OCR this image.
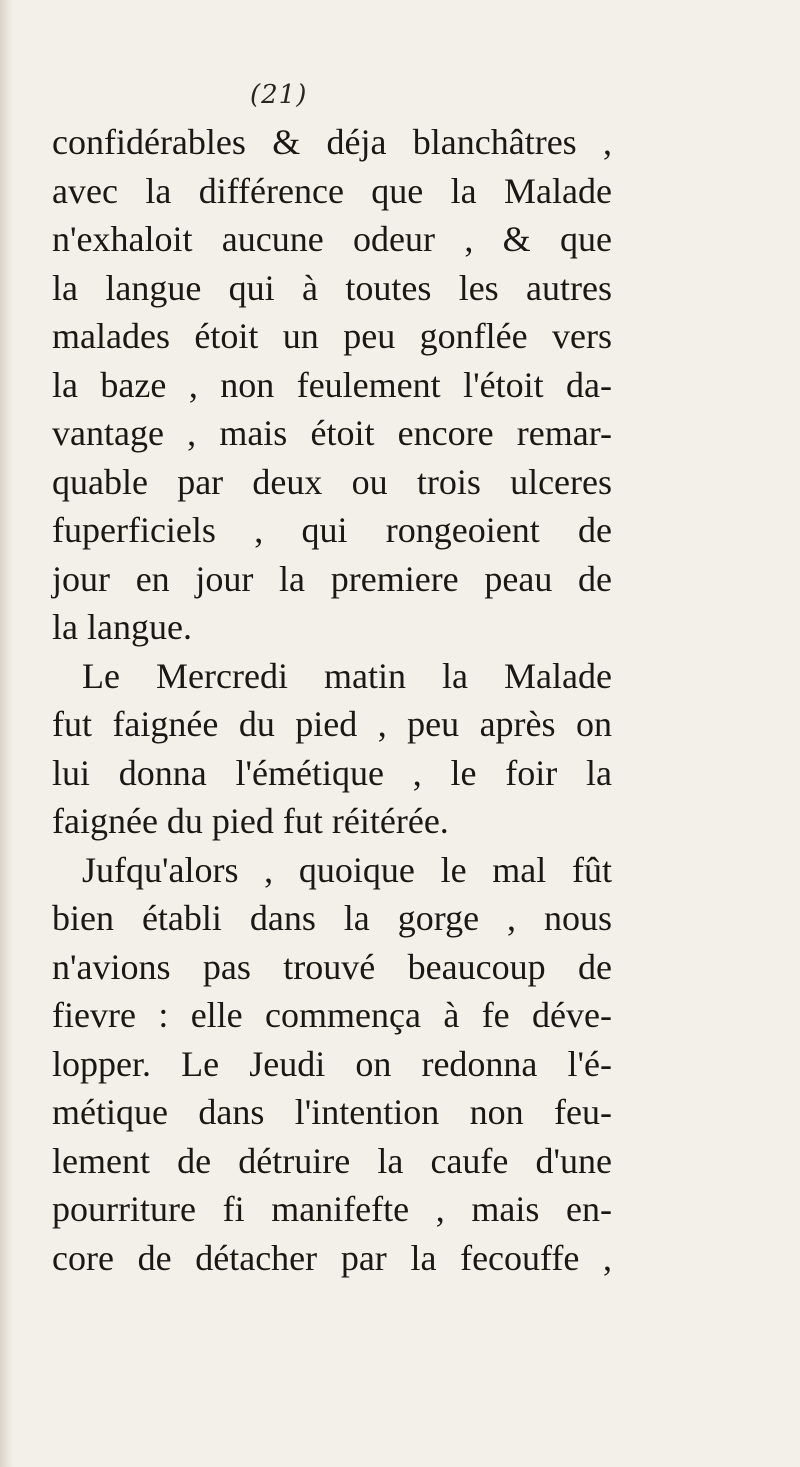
(21)
confidérables & déja blanchâtres ,
avec la différence que la Malade
n'exhaloit aucune odeur , & que
la langue qui à toutes les autres
malades étoit un peu gonflée vers
la baze , non feulement l'étoit da-
vantage , mais étoit encore remar-
quable par deux ou trois ulceres
fuperficiels , qui rongeoient de
jour en jour la premiere peau de
la langue.
Le Mercredi matin la Malade
fut faignée du pied , peu après on
lui donna l'émétique , le foir la
faignée du pied fut réitérée.
Jufqu'alors , quoique le mal fût
bien établi dans la gorge , nous
n'avions pas trouvé beaucoup de
fievre : elle commença à fe déve-
lopper. Le Jeudi on redonna l'é-
métique dans l'intention non feu-
lement de détruire la caufe d'une
pourriture fi manifefte , mais en-
core de détacher par la fecouffe ,
